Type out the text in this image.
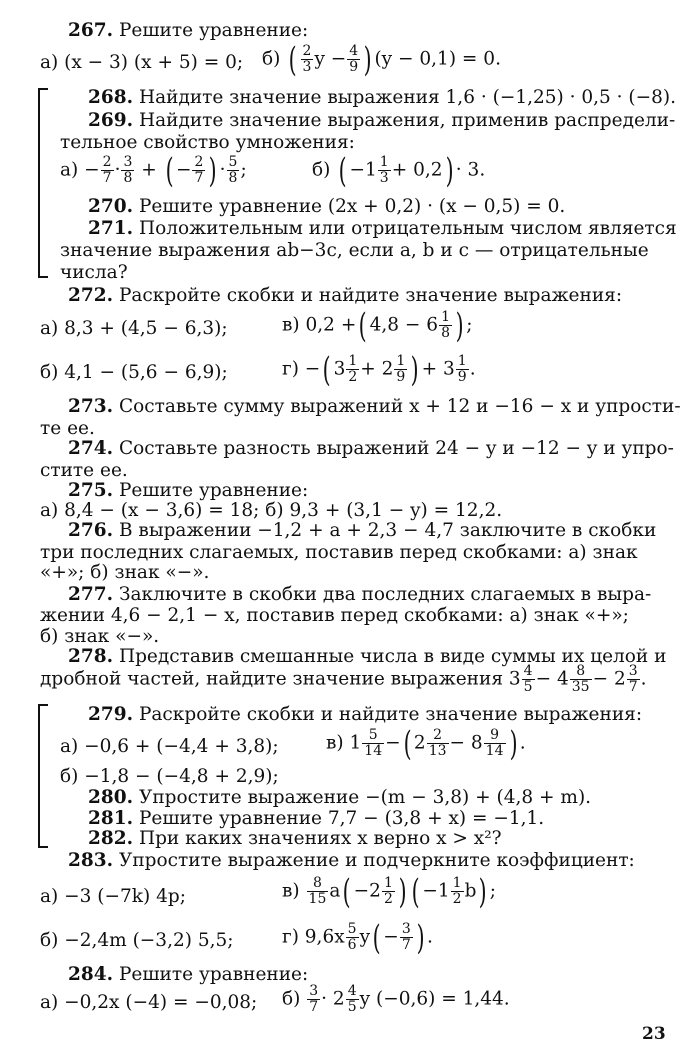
267. Решите уравнение:
а) (x − 3) (x + 5) = 0; б) ( $\frac{2}{3}$ $y - \frac{4}{9}$ ) (y − 0,1) = 0.
268. Найдите значение выражения 1,6 · (−1,25) · 0,5 · (−8).
269. Найдите значение выражения, применив распредели-
тельное свойство умножения:
$а) - \frac{2}{7} \cdot \frac{3}{8}$ + ( − $\frac{2}{7}$ ) · $\frac{5}{8}$ ;	б) ( $-1 \frac{1}{3} + 0,2) \cdot 3$.
270. Решите уравнение (2x + 0,2) · (x − 0,5) = 0.
271. Положительным или отрицательным числом является
значение выражения ab−3c, если a, b и c — отрицательные
числа?
272. Раскройте скобки и найдите значение выражения:
а) 8,3 + (4,5 − 6,3);	в) 0,2 +( $4,8 - 6 \frac{1}{8}$ ) ;
б) 4,1 − (5,6 − 6,9);	г) −( $3 \frac{1}{2} + 2 \frac{1}{9}$ ) + $3 \frac{1}{9}$ .
273. Составьте сумму выражений x + 12 и −16 − x и упрости-
те ее.
274. Составьте разность выражений 24 − y и −12 − y и упро-
стите ее.
275. Решите уравнение:
а) 8,4 − (x − 3,6) = 18; б) 9,3 + (3,1 − y) = 12,2.
276. В выражении −1,2 + a + 2,3 − 4,7 заключите в скобки
три последних слагаемых, поставив перед скобками: а) знак
«+»; б) знак «−».
277. Заключите в скобки два последних слагаемых в выра-
жении 4,6 − 2,1 − x, поставив перед скобками: а) знак «+»;
б) знак «−».
278. Представив смешанные числа в виде суммы их целой и
дробной частей, найдите значение выражения $3 \frac{4}{5} - 4 \frac{8}{35} - 2 \frac{3}{7}$ .
279. Раскройте скобки и найдите значение выражения:
а) −0,6 + (−4,4 + 3,8);	в) $1 \frac{5}{14}$ −( $2 \frac{2}{13} - 8 \frac{9}{14}$ ) .
б) −1,8 − (−4,8 + 2,9);
280. Упростите выражение −(m − 3,8) + (4,8 + m).
281. Решите уравнение 7,7 − (3,8 + x) = −1,1.
282. При каких значениях x верно x > x²?
283. Упростите выражение и подчеркните коэффициент:
а) −3 (−7k) 4p;	$в) \frac{8}{15} a( -2 \frac{1}{2}$ ) ( $-1 \frac{1}{2} b$) ;
б) −2,4m (−3,2) 5,5;	г) $9,6x \frac{5}{6} y( - \frac{3}{7}$ ) .
284. Решите уравнение:
а) −0,2x (−4) = −0,08; $б) \frac{3}{7} \cdot 2 \frac{4}{5}$ y (−0,6) = 1,44.
23
